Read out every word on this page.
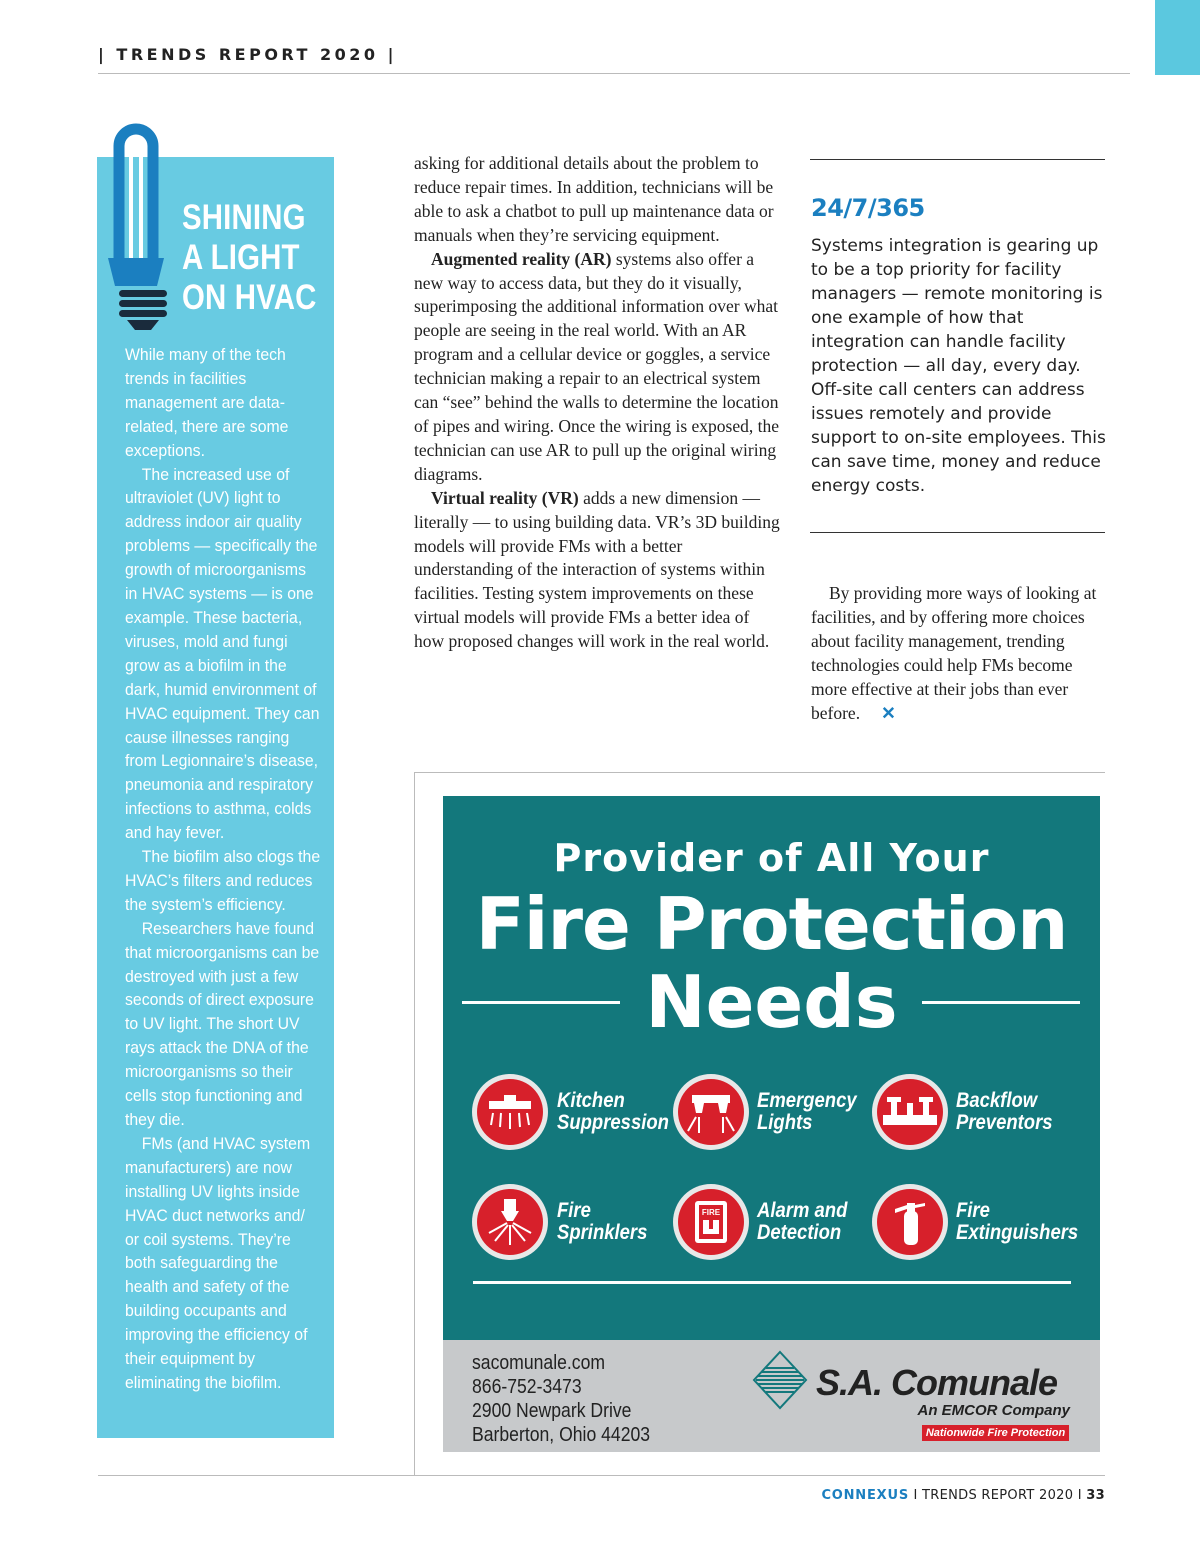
| TRENDS REPORT 2020 |
SHINING
A LIGHT
ON HVAC

While many of the tech trends in facilities management are data-related, there are some exceptions.

The increased use of ultraviolet (UV) light to address indoor air quality problems — specifically the growth of microorganisms in HVAC systems — is one example. These bacteria, viruses, mold and fungi grow as a biofilm in the dark, humid environment of HVAC equipment. They can cause illnesses ranging from Legionnaire’s disease, pneumonia and respiratory infections to asthma, colds and hay fever.

The biofilm also clogs the HVAC’s filters and reduces the system’s efficiency.

Researchers have found that microorganisms can be destroyed with just a few seconds of direct exposure to UV light. The short UV rays attack the DNA of the microorganisms so their cells stop functioning and they die.

FMs (and HVAC system manufacturers) are now installing UV lights inside HVAC duct networks and/ or coil systems. They’re both safeguarding the health and safety of the building occupants and improving the efficiency of their equipment by eliminating the biofilm.

asking for additional details about the problem to reduce repair times. In addition, technicians will be able to ask a chatbot to pull up maintenance data or manuals when they’re servicing equipment.

Augmented reality (AR) systems also offer a new way to access data, but they do it visually, superimposing the additional information over what people are seeing in the real world. With an AR program and a cellular device or goggles, a service technician making a repair to an electrical system can “see” behind the walls to determine the location of pipes and wiring. Once the wiring is exposed, the technician can use AR to pull up the original wiring diagrams.

Virtual reality (VR) adds a new dimension — literally — to using building data. VR’s 3D building models will provide FMs with a better understanding of the interaction of systems within facilities. Testing system improvements on these virtual models will provide FMs a better idea of how proposed changes will work in the real world.

24/7/365
Systems integration is gearing up to be a top priority for facility managers — remote monitoring is one example of how that integration can handle facility protection — all day, every day. Off-site call centers can address issues remotely and provide support to on-site employees. This can save time, money and reduce energy costs.
By providing more ways of looking at facilities, and by offering more choices about facility management, trending technologies could help FMs become more effective at their jobs than ever before. ✕
Provider of All Your
Fire Protection
Needs
Kitchen
Suppression
Emergency
Lights
Backflow
Preventors
Fire
Sprinklers
FIRE Alarm and
Detection
Fire
Extinguishers
sacomunale.com
866-752-3473
2900 Newpark Drive
Barberton, Ohio 44203
S.A. Comunale
An EMCOR Company
Nationwide Fire Protection
CONNEXUS I TRENDS REPORT 2020 I 33
